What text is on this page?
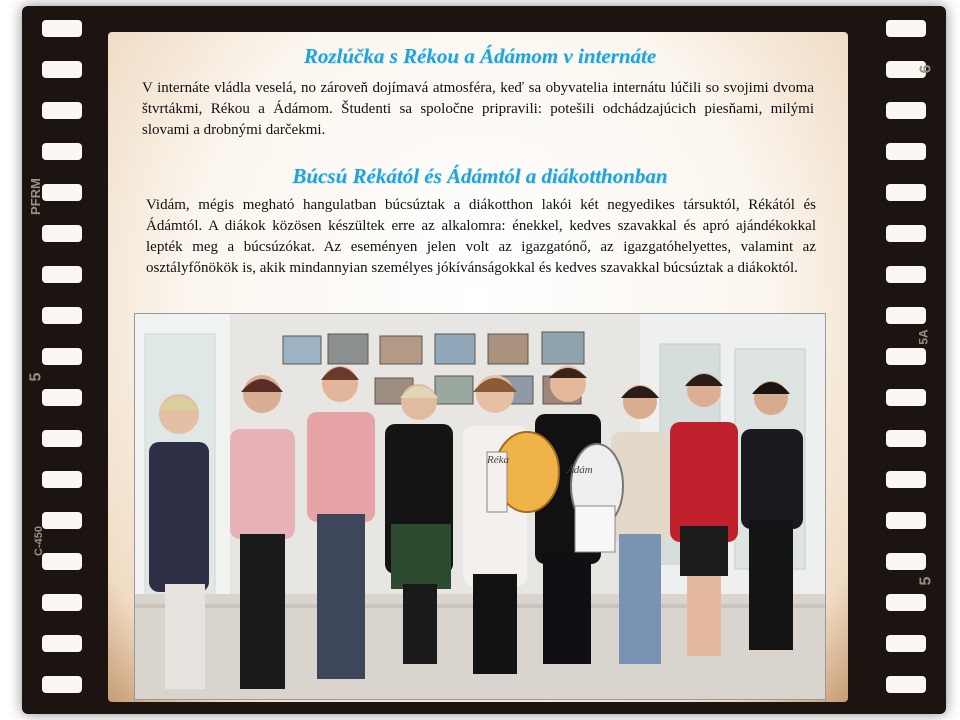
PFRM
5
C-450
6
5A
5
Rozlúčka s Rékou a Ádámom v internáte
V internáte vládla veselá, no zároveň dojímavá atmosféra, keď sa obyvatelia internátu lúčili so svojimi dvoma štvrtákmi, Rékou a Ádámom. Študenti sa spoločne pripravili: potešili odchádzajúcich piesňami, milými slovami a drobnými darčekmi.
Búcsú Rékától és Ádámtól a diákotthonban
Vidám, mégis megható hangulatban búcsúztak a diákotthon lakói két negyedikes társuktól, Rékától és Ádámtól. A diákok közösen készültek erre az alkalomra: énekkel, kedves szavakkal és apró ajándékokkal lepték meg a búcsúzókat. Az eseményen jelen volt az igazgatónő, az igazgatóhelyettes, valamint az osztályfőnökök is, akik mindannyian személyes jókívánságokkal és kedves szavakkal búcsúztak a diákoktól.
Réka
Ádám
